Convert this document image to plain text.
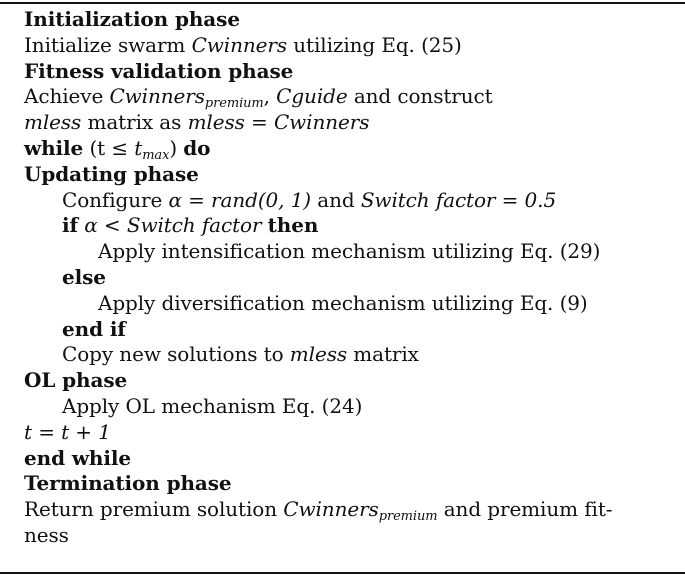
Initialization phase
Initialize swarm Cwinners utilizing Eq. (25)
Fitness validation phase
Achieve Cwinners$_{premium}$, Cguide and construct
mless matrix as mless = Cwinners
while $(t \le t_{max})$ do
Updating phase
Configure α = rand(0, 1) and Switch factor = 0.5
if α < Switch factor then
Apply intensification mechanism utilizing Eq. (29)
else
Apply diversification mechanism utilizing Eq. (9)
end if
Copy new solutions to mless matrix
OL phase
Apply OL mechanism Eq. (24)
t = t + 1
end while
Termination phase
Return premium solution Cwinners$_{premium}$ and premium fit-
ness
